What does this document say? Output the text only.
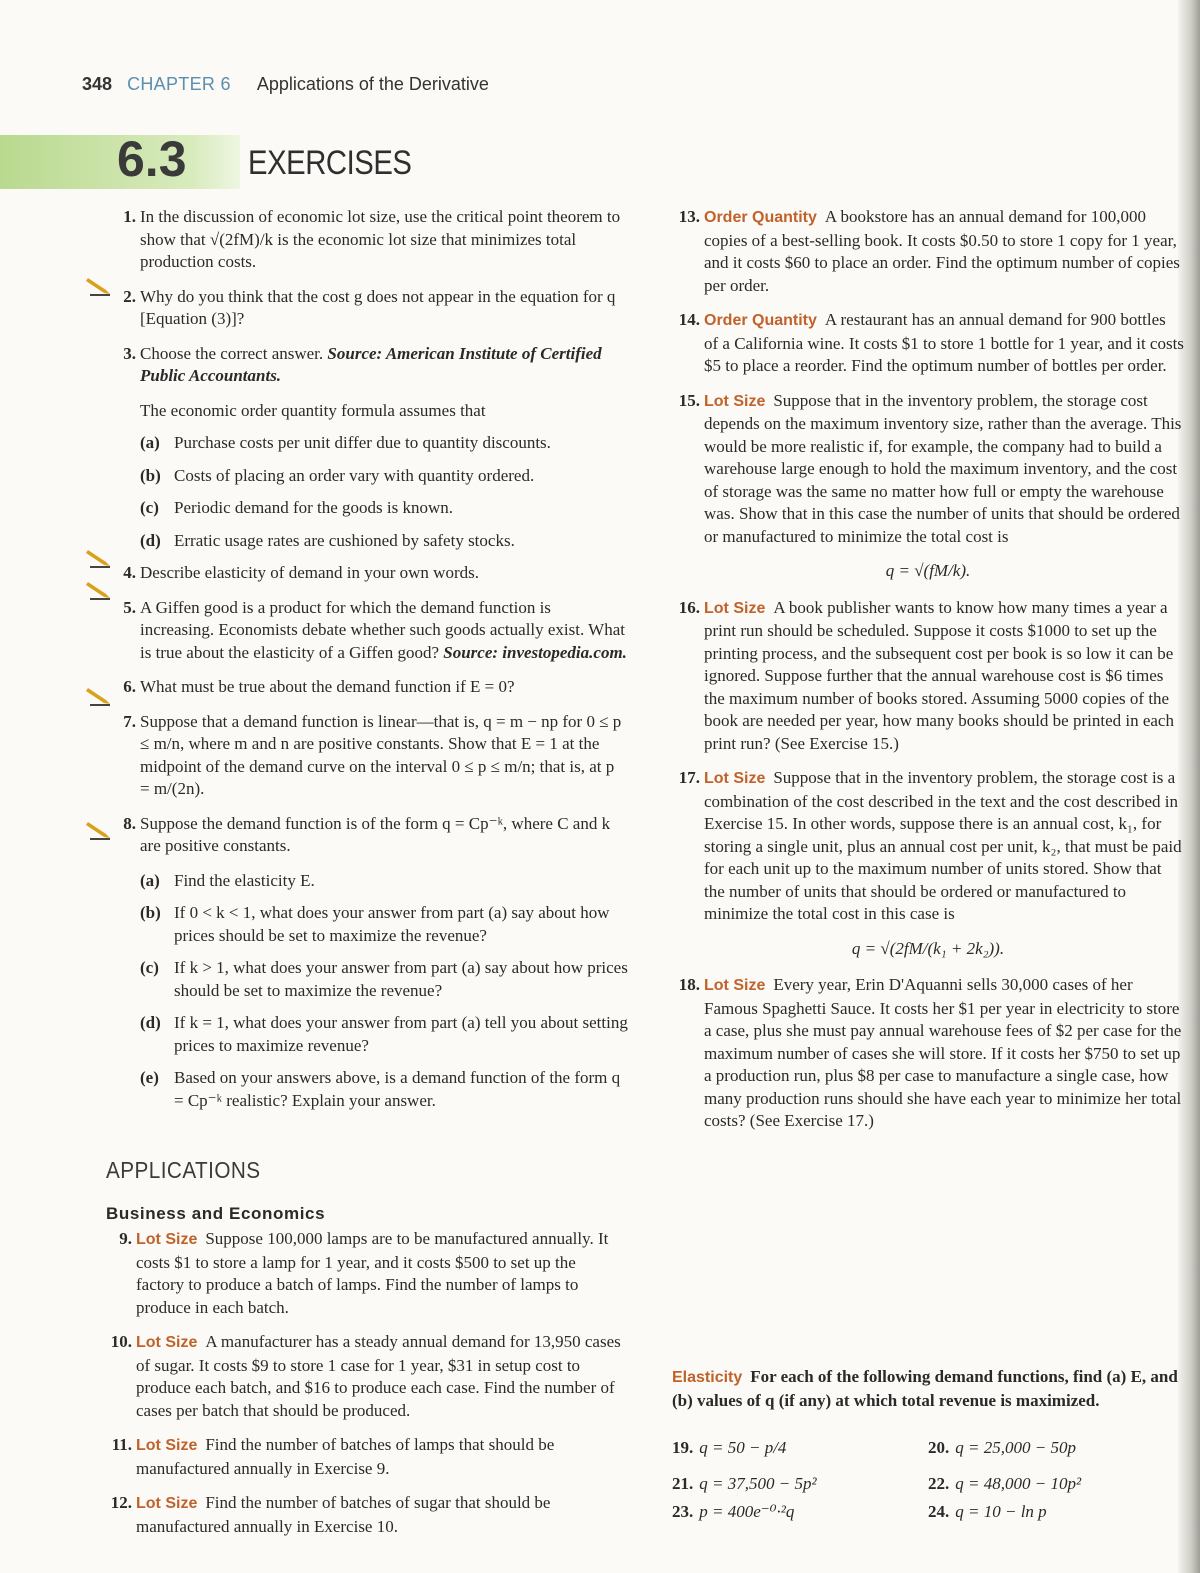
348 CHAPTER 6 Applications of the Derivative
6.3 EXERCISES
1. In the discussion of economic lot size, use the critical point theorem to show that √(2fM)/k is the economic lot size that minimizes total production costs.
2. Why do you think that the cost g does not appear in the equation for q [Equation (3)]?
3. Choose the correct answer. Source: American Institute of Certified Public Accountants.
The economic order quantity formula assumes that
(a) Purchase costs per unit differ due to quantity discounts.
(b) Costs of placing an order vary with quantity ordered.
(c) Periodic demand for the goods is known.
(d) Erratic usage rates are cushioned by safety stocks.
4. Describe elasticity of demand in your own words.
5. A Giffen good is a product for which the demand function is increasing. Economists debate whether such goods actually exist. What is true about the elasticity of a Giffen good? Source: investopedia.com.
6. What must be true about the demand function if E = 0?
7. Suppose that a demand function is linear—that is, q = m − np for 0 ≤ p ≤ m/n, where m and n are positive constants. Show that E = 1 at the midpoint of the demand curve on the interval 0 ≤ p ≤ m/n; that is, at p = m/(2n).
8. Suppose the demand function is of the form q = Cp⁻ᵏ, where C and k are positive constants.
(a) Find the elasticity E.
(b) If 0 < k < 1, what does your answer from part (a) say about how prices should be set to maximize the revenue?
(c) If k > 1, what does your answer from part (a) say about how prices should be set to maximize the revenue?
(d) If k = 1, what does your answer from part (a) tell you about setting prices to maximize revenue?
(e) Based on your answers above, is a demand function of the form q = Cp⁻ᵏ realistic? Explain your answer.
APPLICATIONS
Business and Economics
9. Lot Size Suppose 100,000 lamps are to be manufactured annually. It costs $1 to store a lamp for 1 year, and it costs $500 to set up the factory to produce a batch of lamps. Find the number of lamps to produce in each batch.
10. Lot Size A manufacturer has a steady annual demand for 13,950 cases of sugar. It costs $9 to store 1 case for 1 year, $31 in setup cost to produce each batch, and $16 to produce each case. Find the number of cases per batch that should be produced.
11. Lot Size Find the number of batches of lamps that should be manufactured annually in Exercise 9.
12. Lot Size Find the number of batches of sugar that should be manufactured annually in Exercise 10.
13. Order Quantity A bookstore has an annual demand for 100,000 copies of a best-selling book. It costs $0.50 to store 1 copy for 1 year, and it costs $60 to place an order. Find the optimum number of copies per order.
14. Order Quantity A restaurant has an annual demand for 900 bottles of a California wine. It costs $1 to store 1 bottle for 1 year, and it costs $5 to place a reorder. Find the optimum number of bottles per order.
15. Lot Size Suppose that in the inventory problem, the storage cost depends on the maximum inventory size, rather than the average. This would be more realistic if, for example, the company had to build a warehouse large enough to hold the maximum inventory, and the cost of storage was the same no matter how full or empty the warehouse was. Show that in this case the number of units that should be ordered or manufactured to minimize the total cost is
q = √(fM/k).
16. Lot Size A book publisher wants to know how many times a year a print run should be scheduled. Suppose it costs $1000 to set up the printing process, and the subsequent cost per book is so low it can be ignored. Suppose further that the annual warehouse cost is $6 times the maximum number of books stored. Assuming 5000 copies of the book are needed per year, how many books should be printed in each print run? (See Exercise 15.)
17. Lot Size Suppose that in the inventory problem, the storage cost is a combination of the cost described in the text and the cost described in Exercise 15. In other words, suppose there is an annual cost, k₁, for storing a single unit, plus an annual cost per unit, k₂, that must be paid for each unit up to the maximum number of units stored. Show that the number of units that should be ordered or manufactured to minimize the total cost in this case is
q = √(2fM/(k₁ + 2k₂)).
18. Lot Size Every year, Erin D'Aquanni sells 30,000 cases of her Famous Spaghetti Sauce. It costs her $1 per year in electricity to store a case, plus she must pay annual warehouse fees of $2 per case for the maximum number of cases she will store. If it costs her $750 to set up a production run, plus $8 per case to manufacture a single case, how many production runs should she have each year to minimize her total costs? (See Exercise 17.)
Elasticity For each of the following demand functions, find (a) E, and (b) values of q (if any) at which total revenue is maximized.
19. q = 50 − p/4	20. q = 25,000 − 50p
21. q = 37,500 − 5p²	22. q = 48,000 − 10p²
23. p = 400e⁻⁰·²q	24. q = 10 − ln p
